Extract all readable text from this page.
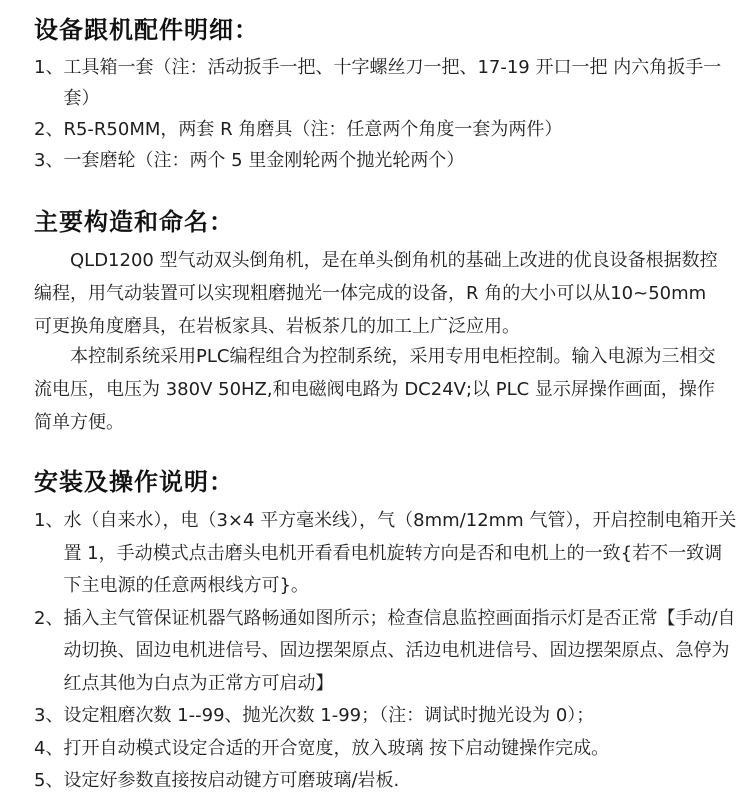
设备跟机配件明细：
1、 工具箱一套（注：活动扳手一把、十字螺丝刀一把、17-19 开口一把 内六角扳手一套）
2、 R5-R50MM，两套 R 角磨具（注：任意两个角度一套为两件）
3、 一套磨轮（注：两个 5 里金刚轮两个抛光轮两个）
主要构造和命名：

QLD1200 型气动双头倒角机，是在单头倒角机的基础上改进的优良设备根据数控编程，用气动装置可以实现粗磨抛光一体完成的设备，R 角的大小可以从10~50mm 可更换角度磨具，在岩板家具、岩板茶几的加工上广泛应用。

本控制系统采用PLC编程组合为控制系统，采用专用电柜控制。输入电源为三相交流电压，电压为 380V 50HZ,和电磁阀电路为 DC24V;以 PLC 显示屏操作画面，操作简单方便。

安装及操作说明：
1、 水（自来水），电（3×4 平方毫米线），气（8mm/12mm 气管），开启控制电箱开关置 1，手动模式点击磨头电机开看看电机旋转方向是否和电机上的一致{若不一致调下主电源的任意两根线方可}。
2、 插入主气管保证机器气路畅通如图所示；检查信息监控画面指示灯是否正常【手动/自动切换、固边电机进信号、固边摆架原点、活边电机进信号、固边摆架原点、急停为红点其他为白点为正常方可启动】
3、 设定粗磨次数 1--99、抛光次数 1-99；（注：调试时抛光设为 0）；
4、 打开自动模式设定合适的开合宽度，放入玻璃 按下启动键操作完成。
5、 设定好参数直接按启动键方可磨玻璃/岩板.
